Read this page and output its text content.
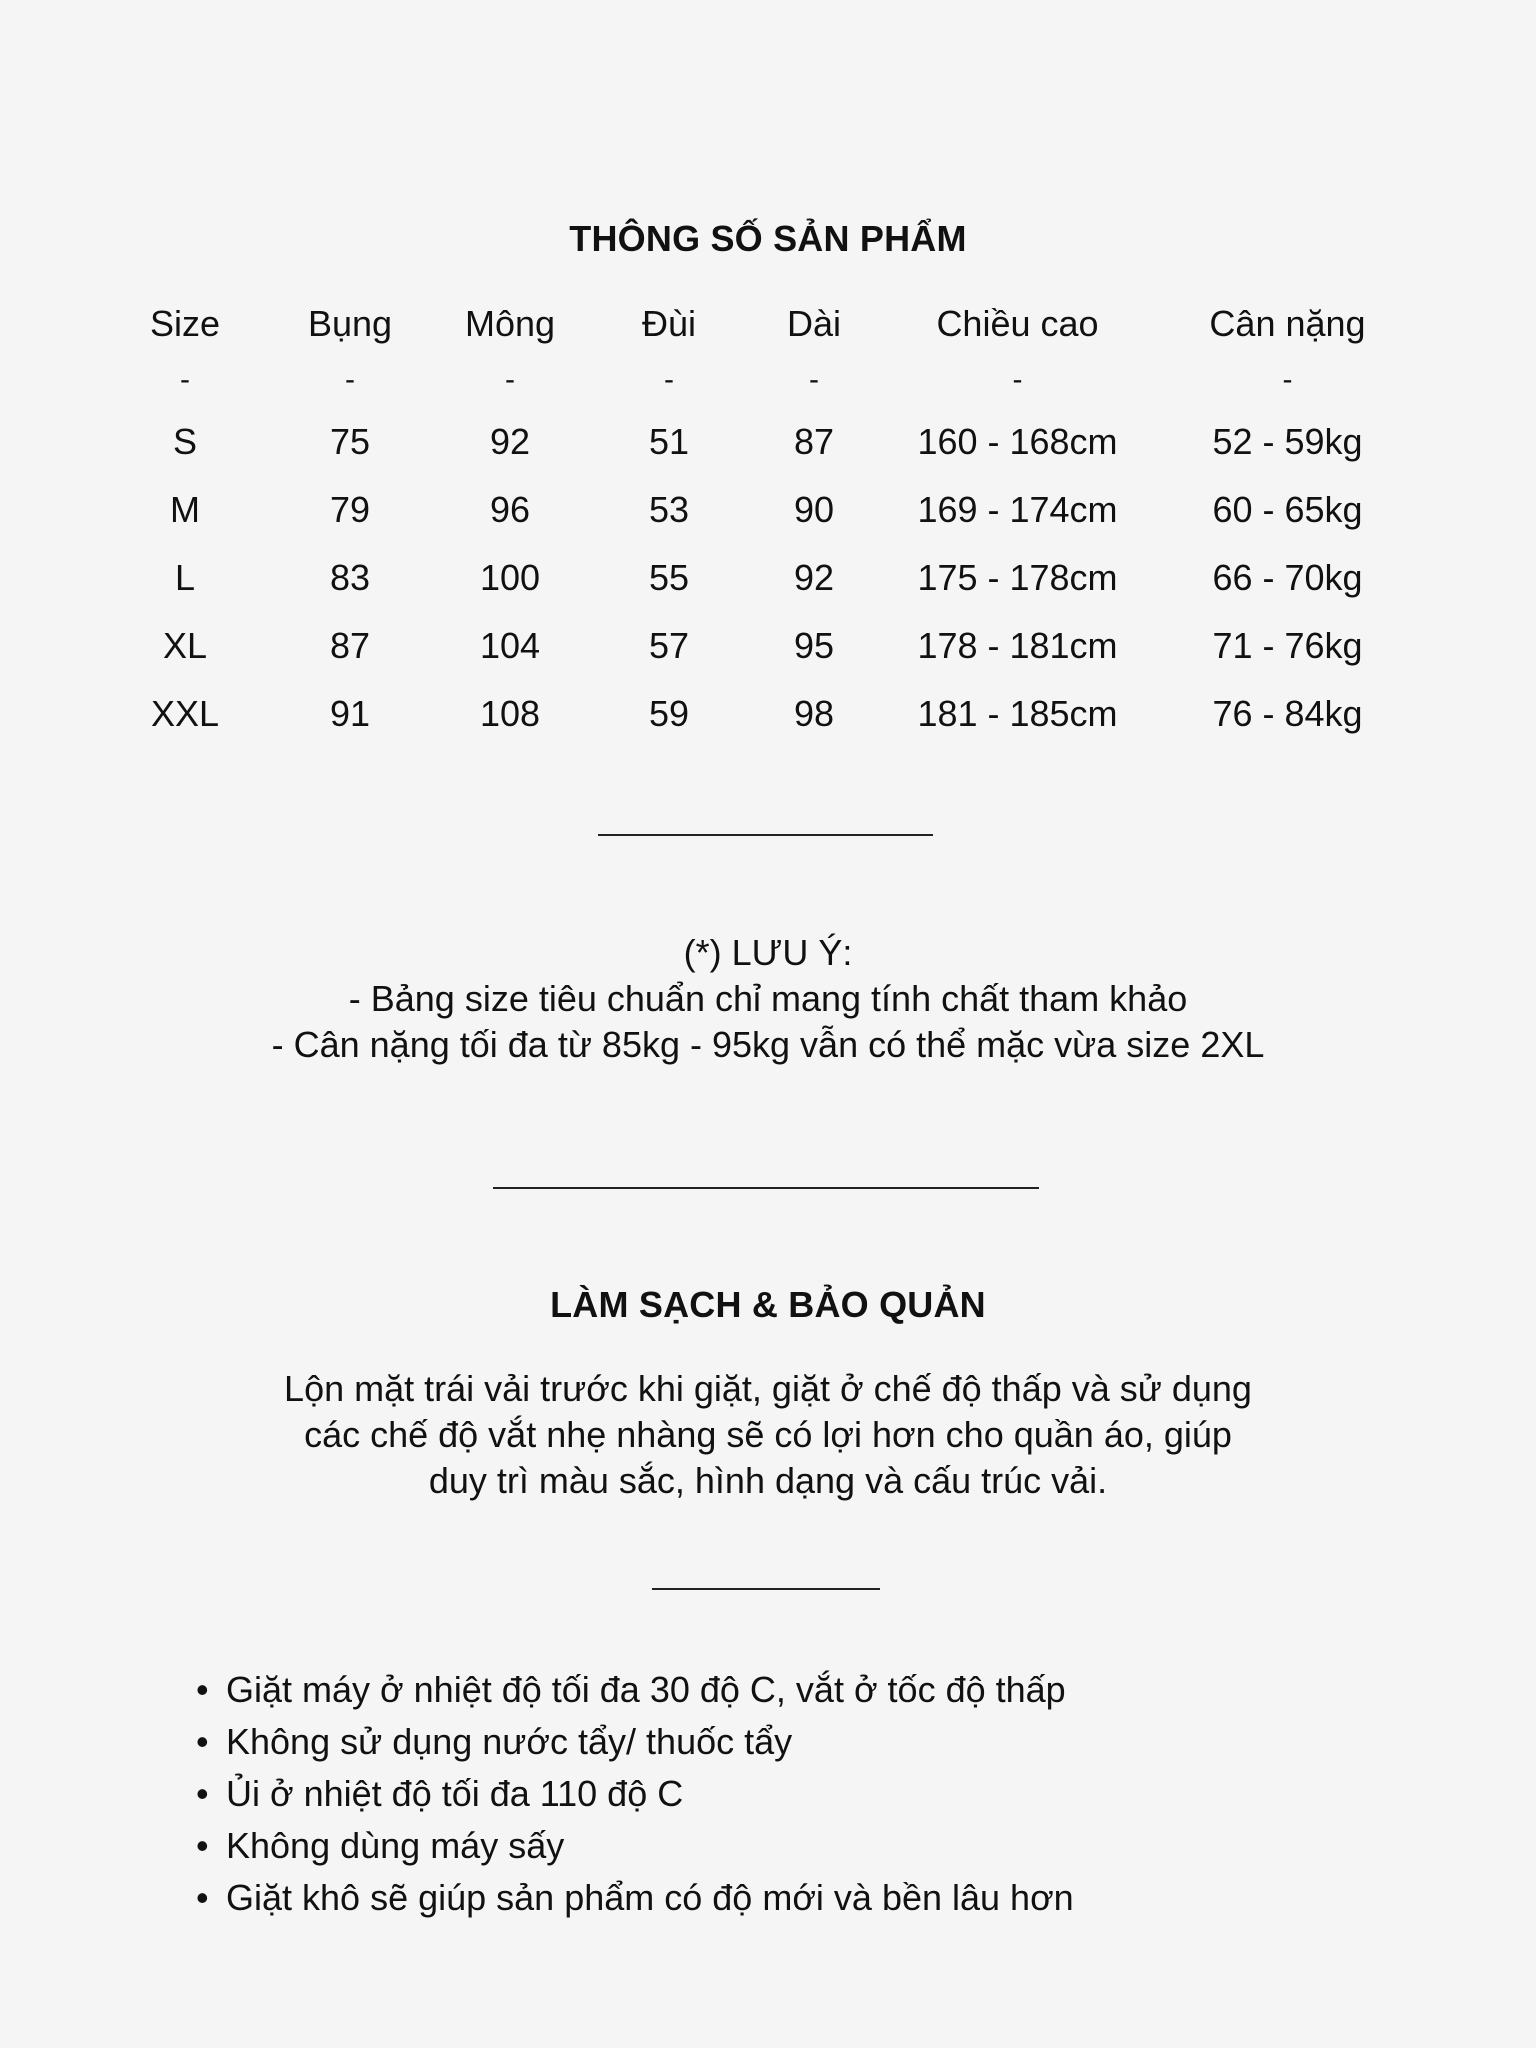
THÔNG SỐ SẢN PHẨM
Size	Bụng	Mông	Đùi	Dài	Chiều cao	Cân nặng
-	-	-	-	-	-	-
S	75	92	51	87	160 - 168cm	52 - 59kg
M	79	96	53	90	169 - 174cm	60 - 65kg
L	83	100	55	92	175 - 178cm	66 - 70kg
XL	87	104	57	95	178 - 181cm	71 - 76kg
XXL	91	108	59	98	181 - 185cm	76 - 84kg
(*) LƯU Ý:
- Bảng size tiêu chuẩn chỉ mang tính chất tham khảo
- Cân nặng tối đa từ 85kg - 95kg vẫn có thể mặc vừa size 2XL
LÀM SẠCH & BẢO QUẢN
Lộn mặt trái vải trước khi giặt, giặt ở chế độ thấp và sử dụng
các chế độ vắt nhẹ nhàng sẽ có lợi hơn cho quần áo, giúp
duy trì màu sắc, hình dạng và cấu trúc vải.
• Giặt máy ở nhiệt độ tối đa 30 độ C, vắt ở tốc độ thấp
• Không sử dụng nước tẩy/ thuốc tẩy
• Ủi ở nhiệt độ tối đa 110 độ C
• Không dùng máy sấy
• Giặt khô sẽ giúp sản phẩm có độ mới và bền lâu hơn
